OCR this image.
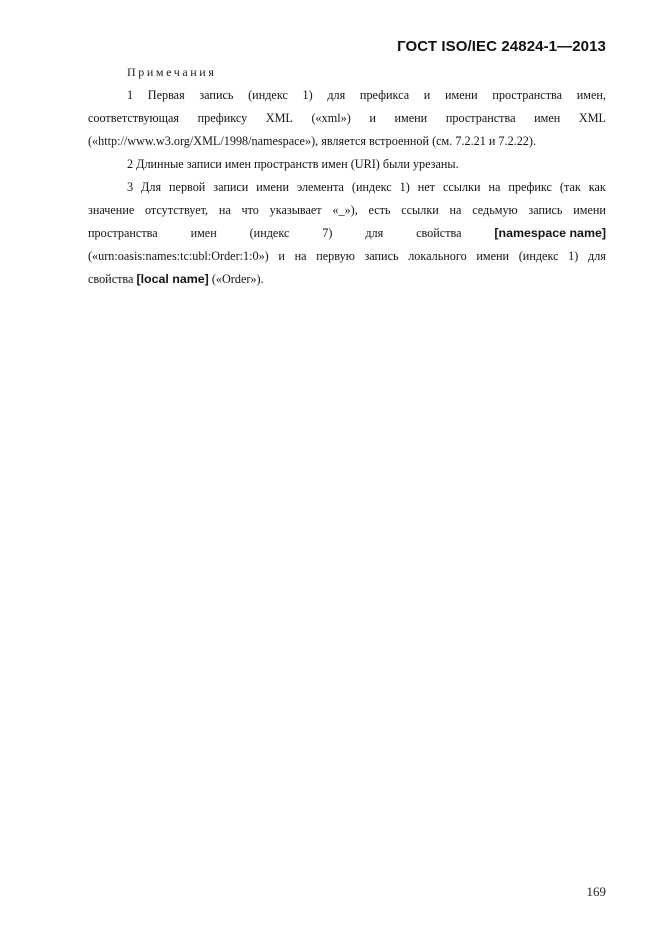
ГОСТ ISO/IEC 24824-1—2013
Примечания
1 Первая запись (индекс 1) для префикса и имени пространства имен,
соответствующая префиксу XML («xml») и имени пространства имен XML
(«http://www.w3.org/XML/1998/namespace»), является встроенной (см. 7.2.21 и 7.2.22).
2 Длинные записи имен пространств имен (URI) были урезаны.
3 Для первой записи имени элемента (индекс 1) нет ссылки на префикс (так как
значение отсутствует, на что указывает «_»), есть ссылки на седьмую запись имени
пространства	имен	(индекс	7)	для	свойства	[namespace name]
(«urn:oasis:names:tc:ubl:Order:1:0») и на первую запись локального имени (индекс 1) для
свойства [local name] («Order»).
169
